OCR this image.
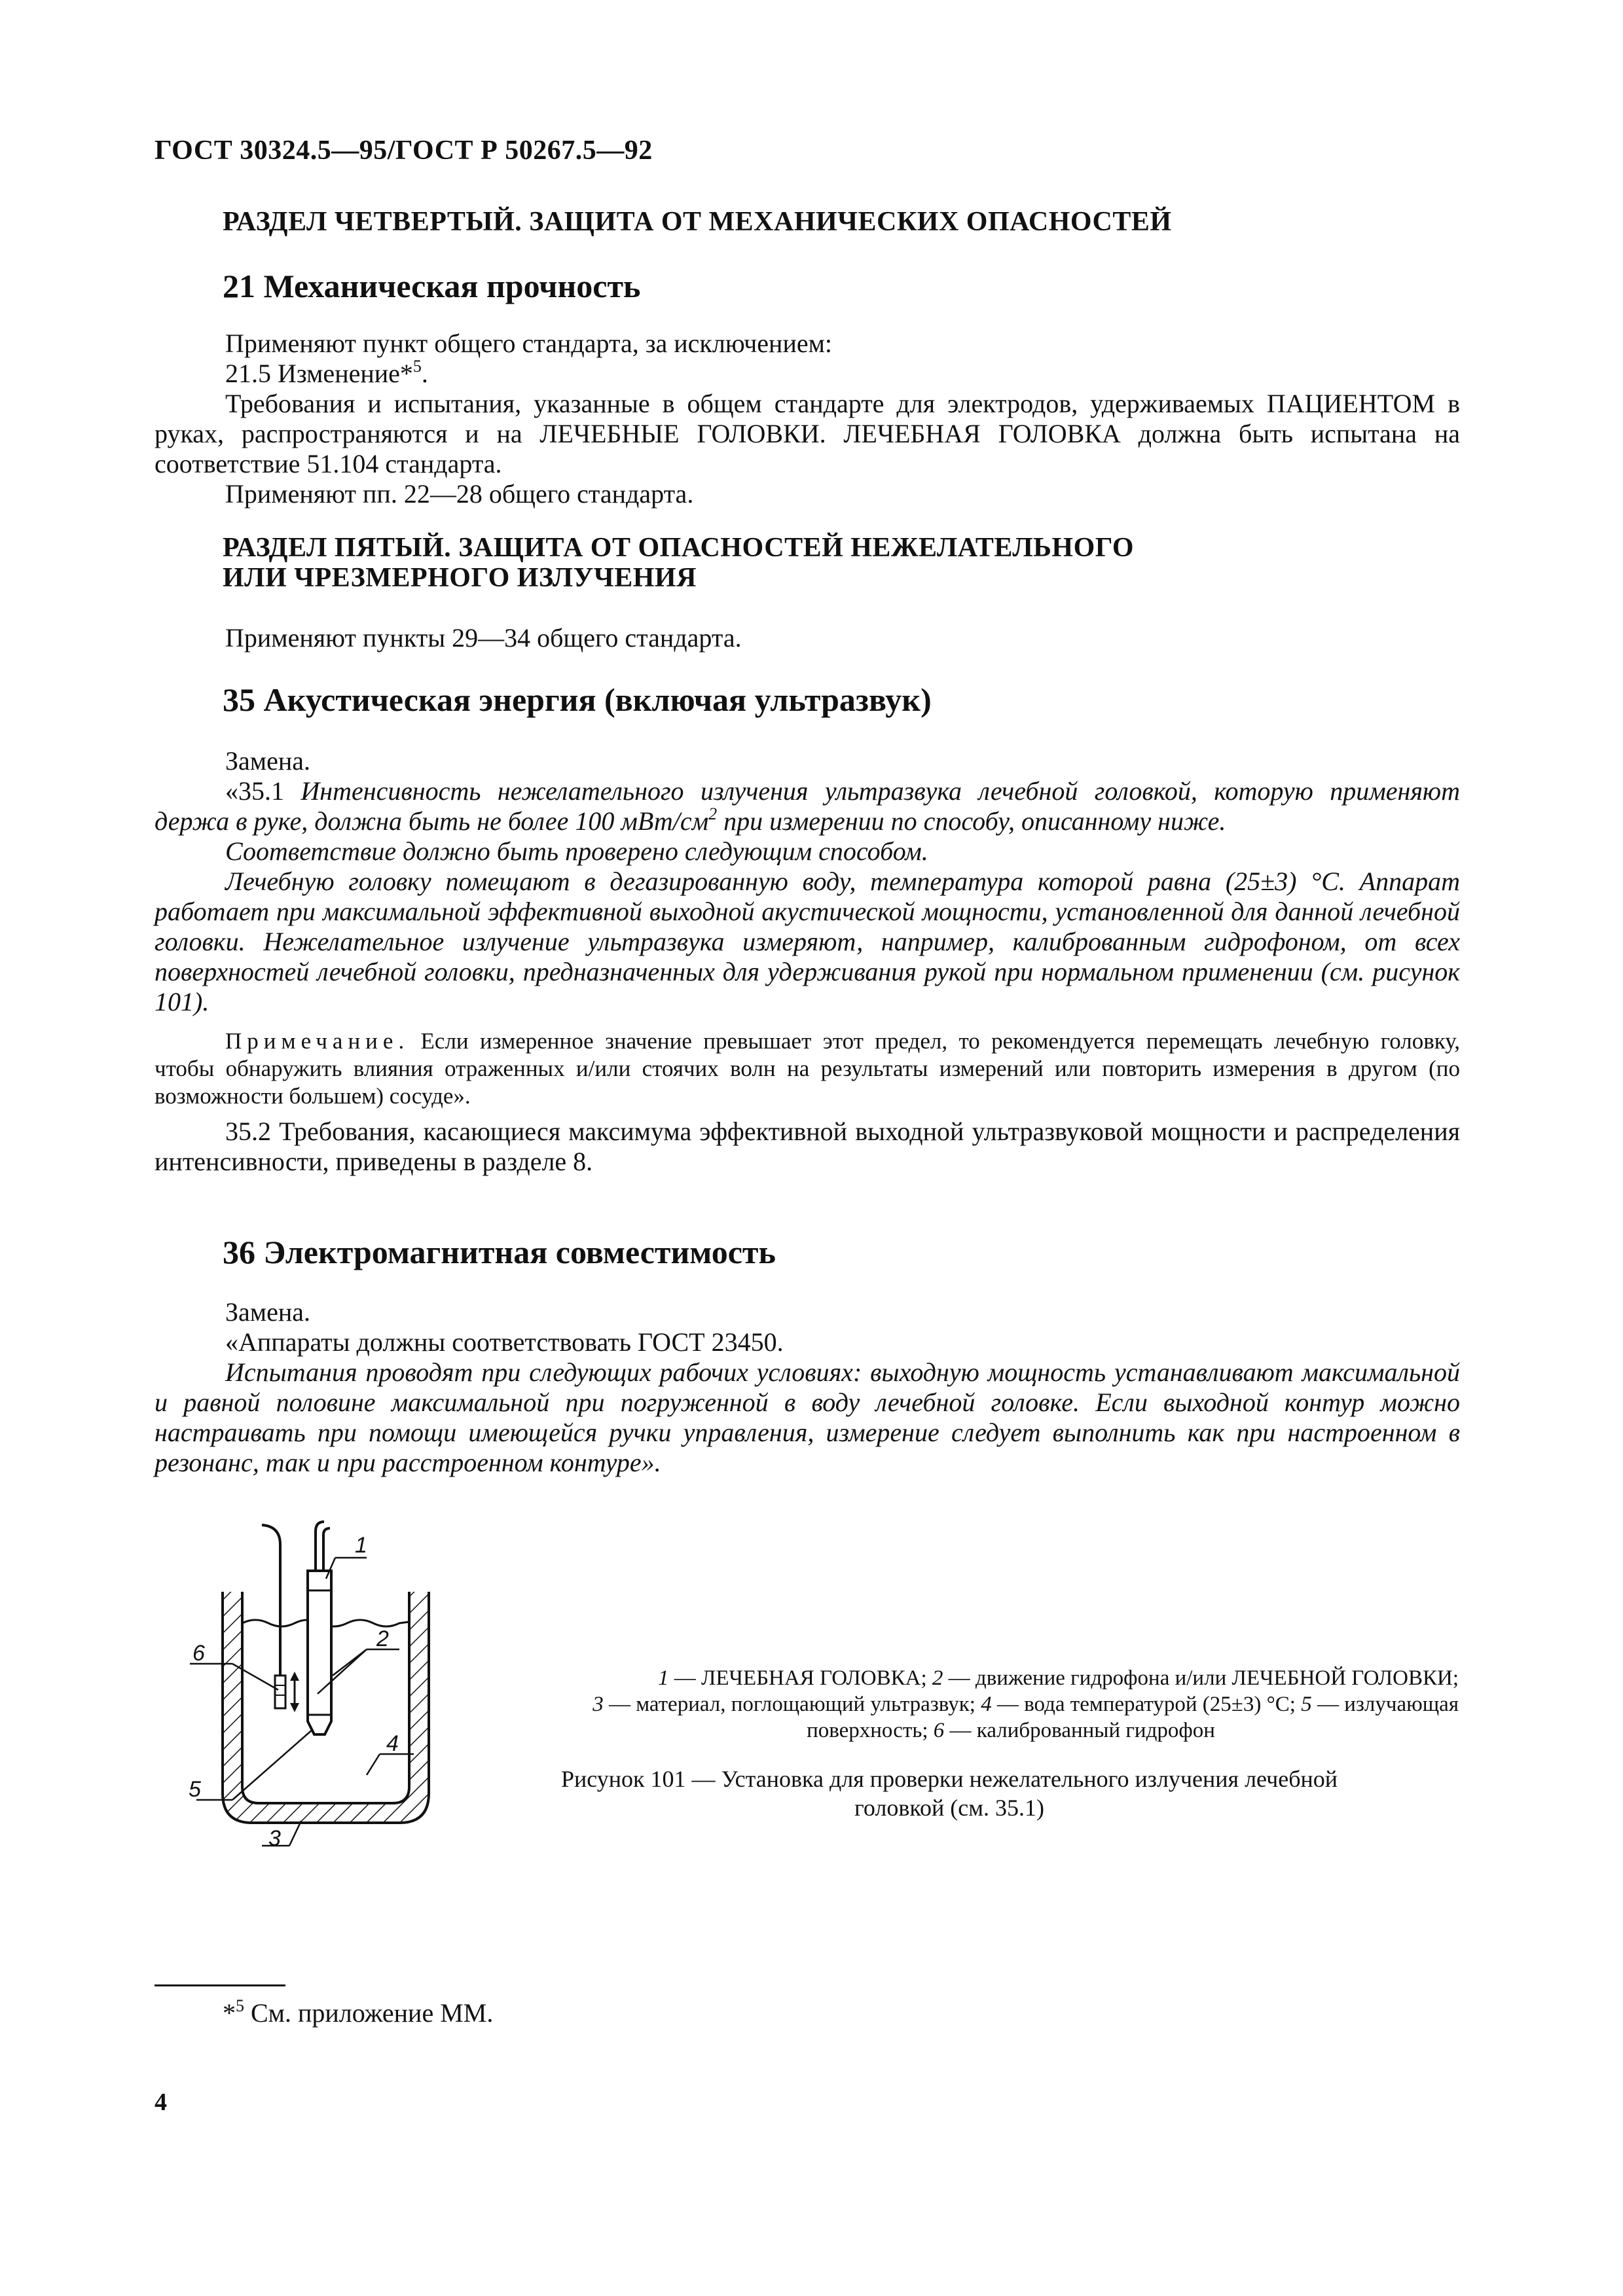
ГОСТ 30324.5—95/ГОСТ Р 50267.5—92
РАЗДЕЛ ЧЕТВЕРТЫЙ. ЗАЩИТА ОТ МЕХАНИЧЕСКИХ ОПАСНОСТЕЙ
21 Механическая прочность
Применяют пункт общего стандарта, за исключением:
21.5 Изменение*$^5$.
Требования и испытания, указанные в общем стандарте для электродов, удерживаемых ПАЦИЕНТОМ в руках, распространяются и на ЛЕЧЕБНЫЕ ГОЛОВКИ. ЛЕЧЕБНАЯ ГОЛОВКА должна быть испытана на соответствие 51.104 стандарта.
Применяют пп. 22—28 общего стандарта.
РАЗДЕЛ ПЯТЫЙ. ЗАЩИТА ОТ ОПАСНОСТЕЙ НЕЖЕЛАТЕЛЬНОГО
ИЛИ ЧРЕЗМЕРНОГО ИЗЛУЧЕНИЯ
Применяют пункты 29—34 общего стандарта.
35 Акустическая энергия (включая ультразвук)
Замена.
«35.1 Интенсивность нежелательного излучения ультразвука лечебной головкой, которую применяют держа в руке, должна быть не более 100 мВт/$см^2$ при измерении по способу, описанному ниже.
Соответствие должно быть проверено следующим способом.
Лечебную головку помещают в дегазированную воду, температура которой равна (25±3) °С. Аппарат работает при максимальной эффективной выходной акустической мощности, установленной для данной лечебной головки. Нежелательное излучение ультразвука измеряют, например, калиброванным гидрофоном, от всех поверхностей лечебной головки, предназначенных для удерживания рукой при нормальном применении (см. рисунок 101).
Примечание. Если измеренное значение превышает этот предел, то рекомендуется перемещать лечебную головку, чтобы обнаружить влияния отраженных и/или стоячих волн на результаты измерений или повторить измерения в другом (по возможности большем) сосуде».
35.2 Требования, касающиеся максимума эффективной выходной ультразвуковой мощности и распределения интенсивности, приведены в разделе 8.
36 Электромагнитная совместимость
Замена.
«Аппараты должны соответствовать ГОСТ 23450.
Испытания проводят при следующих рабочих условиях: выходную мощность устанавливают максимальной и равной половине максимальной при погруженной в воду лечебной головке. Если выходной контур можно настраивать при помощи имеющейся ручки управления, измерение следует выполнить как при настроенном в резонанс, так и при расстроенном контуре».
1
2
3
4
5
6
1 — ЛЕЧЕБНАЯ ГОЛОВКА; 2 — движение гидрофона и/или ЛЕЧЕБНОЙ ГОЛОВКИ;
3 — материал, поглощающий ультразвук; 4 — вода температурой (25±3) °С; 5 — излучающая
поверхность; 6 — калиброванный гидрофон
Рисунок 101 — Установка для проверки нежелательного излучения лечебной
головкой (см. 35.1)
*$^5$ См. приложение ММ.
4
